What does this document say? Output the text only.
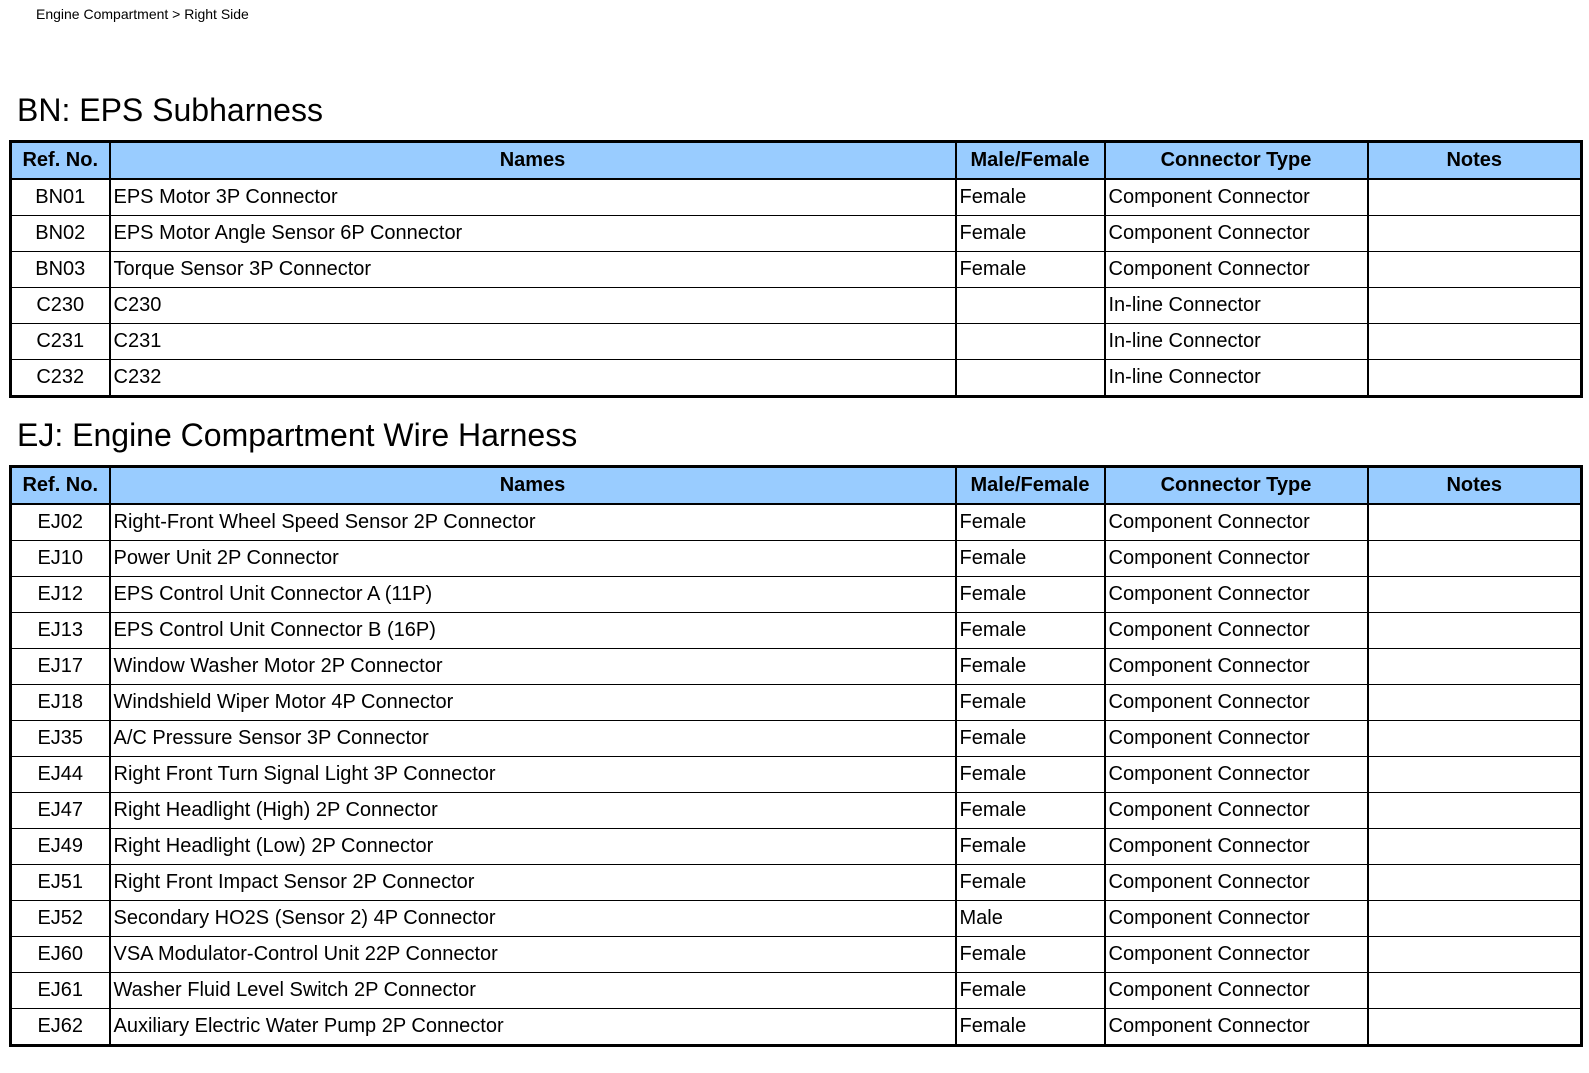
Engine Compartment > Right Side
BN: EPS Subharness
Ref. No.	Names	Male/Female	Connector Type	Notes
BN01	EPS Motor 3P Connector	Female	Component Connector	
BN02	EPS Motor Angle Sensor 6P Connector	Female	Component Connector	
BN03	Torque Sensor 3P Connector	Female	Component Connector	
C230	C230		In-line Connector	
C231	C231		In-line Connector	
C232	C232		In-line Connector	
EJ: Engine Compartment Wire Harness
Ref. No.	Names	Male/Female	Connector Type	Notes
EJ02	Right-Front Wheel Speed Sensor 2P Connector	Female	Component Connector	
EJ10	Power Unit 2P Connector	Female	Component Connector	
EJ12	EPS Control Unit Connector A (11P)	Female	Component Connector	
EJ13	EPS Control Unit Connector B (16P)	Female	Component Connector	
EJ17	Window Washer Motor 2P Connector	Female	Component Connector	
EJ18	Windshield Wiper Motor 4P Connector	Female	Component Connector	
EJ35	A/C Pressure Sensor 3P Connector	Female	Component Connector	
EJ44	Right Front Turn Signal Light 3P Connector	Female	Component Connector	
EJ47	Right Headlight (High) 2P Connector	Female	Component Connector	
EJ49	Right Headlight (Low) 2P Connector	Female	Component Connector	
EJ51	Right Front Impact Sensor 2P Connector	Female	Component Connector	
EJ52	Secondary HO2S (Sensor 2) 4P Connector	Male	Component Connector	
EJ60	VSA Modulator-Control Unit 22P Connector	Female	Component Connector	
EJ61	Washer Fluid Level Switch 2P Connector	Female	Component Connector	
EJ62	Auxiliary Electric Water Pump 2P Connector	Female	Component Connector	
